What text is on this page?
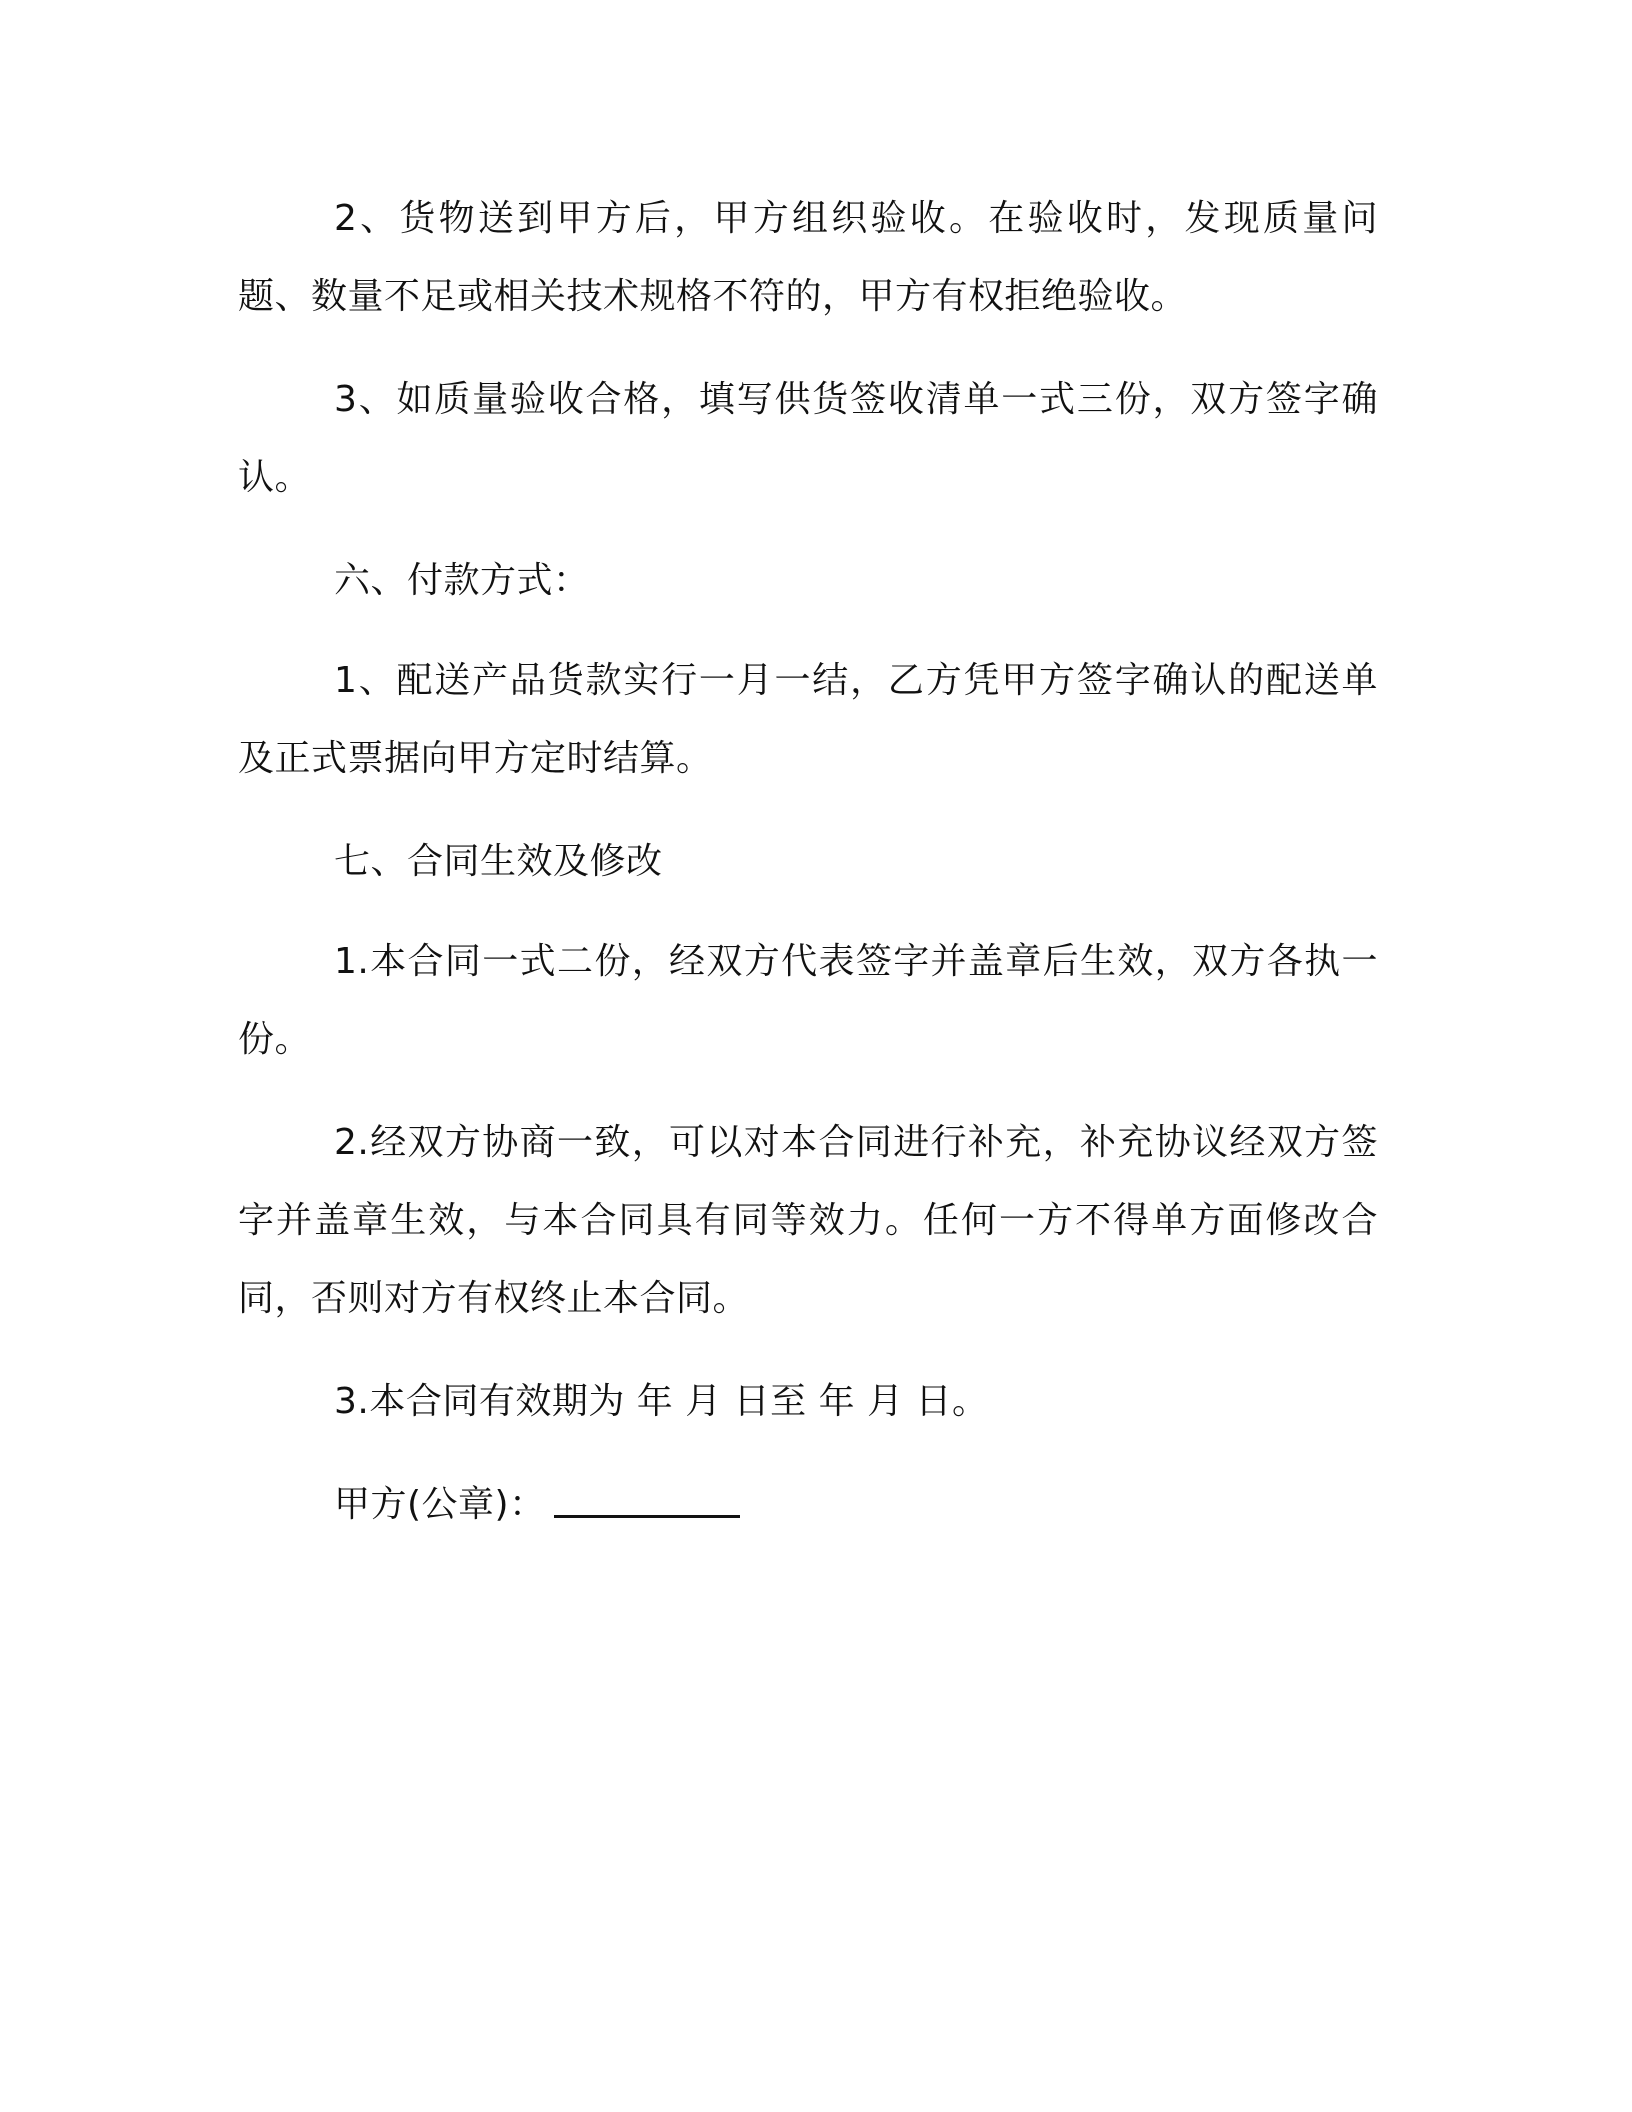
2、货物送到甲方后，甲方组织验收。在验收时，发现质量问题、数量不足或相关技术规格不符的，甲方有权拒绝验收。

3、如质量验收合格，填写供货签收清单一式三份，双方签字确认。

六、付款方式：

1、配送产品货款实行一月一结，乙方凭甲方签字确认的配送单及正式票据向甲方定时结算。

七、合同生效及修改

1.本合同一式二份，经双方代表签字并盖章后生效，双方各执一份。

2.经双方协商一致，可以对本合同进行补充，补充协议经双方签字并盖章生效，与本合同具有同等效力。任何一方不得单方面修改合同，否则对方有权终止本合同。

3.本合同有效期为 年 月 日至 年 月 日。

甲方(公章)：
